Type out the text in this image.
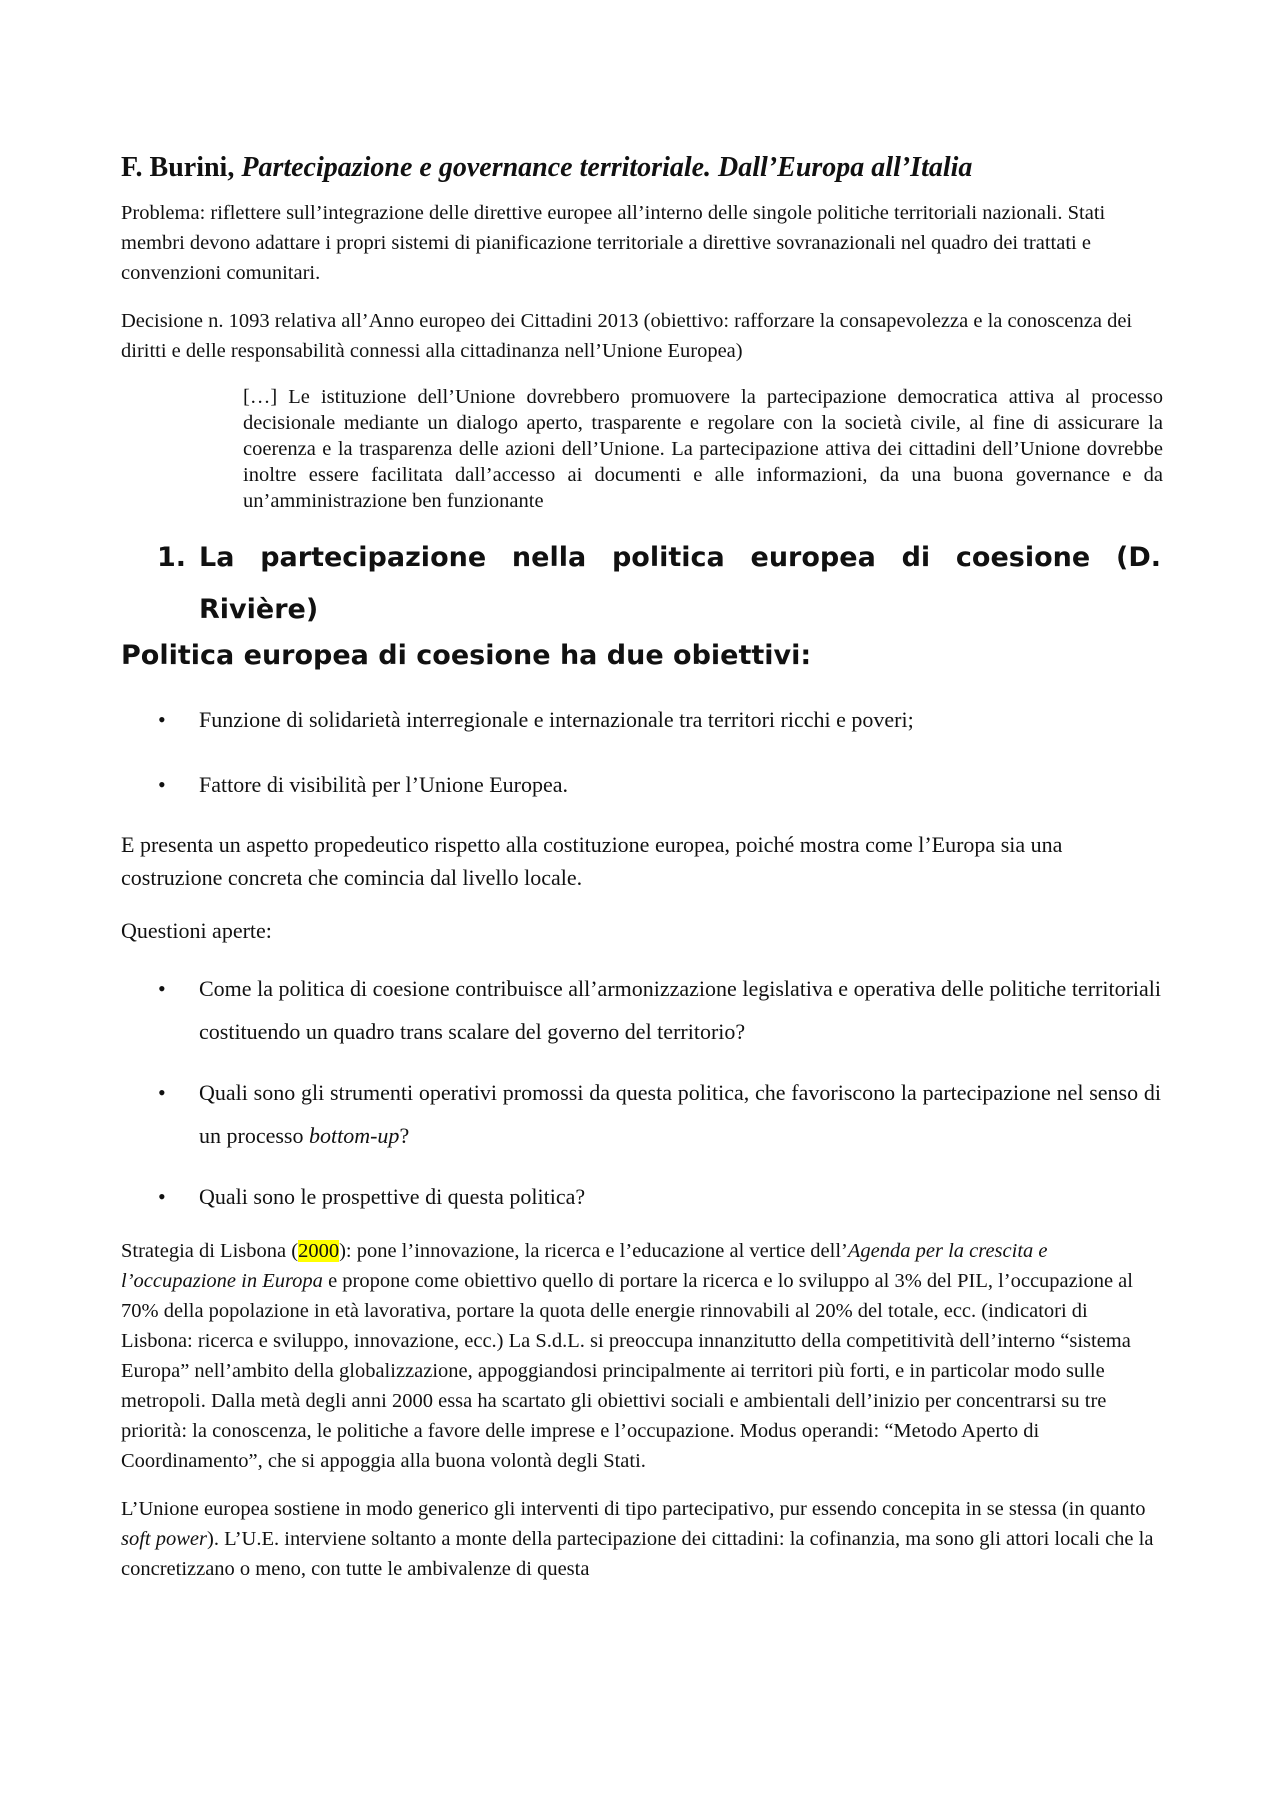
F. Burini, Partecipazione e governance territoriale. Dall’Europa all’Italia

Problema: riflettere sull’integrazione delle direttive europee all’interno delle singole politiche territoriali nazionali. Stati membri devono adattare i propri sistemi di pianificazione territoriale a direttive sovranazionali nel quadro dei trattati e convenzioni comunitari.

Decisione n. 1093 relativa all’Anno europeo dei Cittadini 2013 (obiettivo: rafforzare la consapevolezza e la conoscenza dei diritti e delle responsabilità connessi alla cittadinanza nell’Unione Europea)

[…] Le istituzione dell’Unione dovrebbero promuovere la partecipazione democratica attiva al processo decisionale mediante un dialogo aperto, trasparente e regolare con la società civile, al fine di assicurare la coerenza e la trasparenza delle azioni dell’Unione. La partecipazione attiva dei cittadini dell’Unione dovrebbe inoltre essere facilitata dall’accesso ai documenti e alle informazioni, da una buona governance e da un’amministrazione ben funzionante
1. La partecipazione nella politica europea di coesione (D. Rivière)
Politica europea di coesione ha due obiettivi:
•	Funzione di solidarietà interregionale e internazionale tra territori ricchi e poveri;
•	Fattore di visibilità per l’Unione Europea.

E presenta un aspetto propedeutico rispetto alla costituzione europea, poiché mostra come l’Europa sia una costruzione concreta che comincia dal livello locale.

Questioni aperte:

•	Come la politica di coesione contribuisce all’armonizzazione legislativa e operativa delle politiche territoriali costituendo un quadro trans scalare del governo del territorio?
•	Quali sono gli strumenti operativi promossi da questa politica, che favoriscono la partecipazione nel senso di un processo bottom-up?
•	Quali sono le prospettive di questa politica?

Strategia di Lisbona (2000): pone l’innovazione, la ricerca e l’educazione al vertice dell’Agenda per la crescita e l’occupazione in Europa e propone come obiettivo quello di portare la ricerca e lo sviluppo al 3% del PIL, l’occupazione al 70% della popolazione in età lavorativa, portare la quota delle energie rinnovabili al 20% del totale, ecc. (indicatori di Lisbona: ricerca e sviluppo, innovazione, ecc.) La S.d.L. si preoccupa innanzitutto della competitività dell’interno “sistema Europa” nell’ambito della globalizzazione, appoggiandosi principalmente ai territori più forti, e in particolar modo sulle metropoli. Dalla metà degli anni 2000 essa ha scartato gli obiettivi sociali e ambientali dell’inizio per concentrarsi su tre priorità: la conoscenza, le politiche a favore delle imprese e l’occupazione. Modus operandi: “Metodo Aperto di Coordinamento”, che si appoggia alla buona volontà degli Stati.

L’Unione europea sostiene in modo generico gli interventi di tipo partecipativo, pur essendo concepita in se stessa (in quanto soft power). L’U.E. interviene soltanto a monte della partecipazione dei cittadini: la cofinanzia, ma sono gli attori locali che la concretizzano o meno, con tutte le ambivalenze di questa
